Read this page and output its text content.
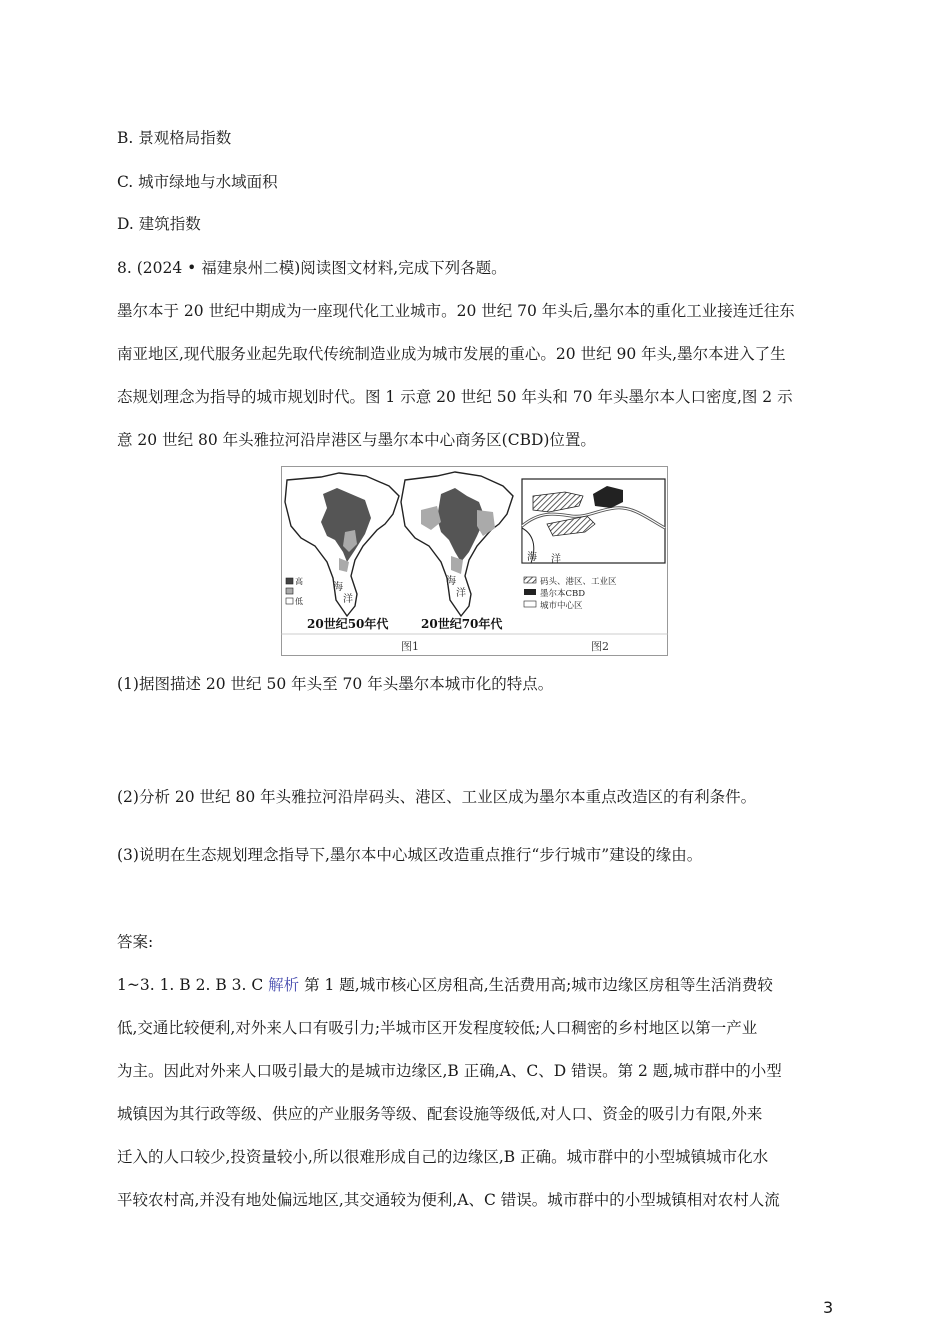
B. 景观格局指数
C. 城市绿地与水域面积
D. 建筑指数
8. (2024 • 福建泉州二模)阅读图文材料,完成下列各题。
墨尔本于 20 世纪中期成为一座现代化工业城市。20 世纪 70 年头后,墨尔本的重化工业接连迁往东
南亚地区,现代服务业起先取代传统制造业成为城市发展的重心。20 世纪 90 年头,墨尔本进入了生
态规划理念为指导的城市规划时代。图 1 示意 20 世纪 50 年头和 70 年头墨尔本人口密度,图 2 示
意 20 世纪 80 年头雅拉河沿岸港区与墨尔本中心商务区(CBD)位置。
海
洋
高
低
20世纪50年代
海
洋
20世纪70年代
图1
海 洋
码头、港区、工业区
墨尔本CBD
城市中心区
图2
(1)据图描述 20 世纪 50 年头至 70 年头墨尔本城市化的特点。
(2)分析 20 世纪 80 年头雅拉河沿岸码头、港区、工业区成为墨尔本重点改造区的有利条件。
(3)说明在生态规划理念指导下,墨尔本中心城区改造重点推行“步行城市”建设的缘由。
答案:
1~3. 1. B 2. B 3. C 解析 第 1 题,城市核心区房租高,生活费用高;城市边缘区房租等生活消费较
低,交通比较便利,对外来人口有吸引力;半城市区开发程度较低;人口稠密的乡村地区以第一产业
为主。因此对外来人口吸引最大的是城市边缘区,B 正确,A、C、D 错误。第 2 题,城市群中的小型
城镇因为其行政等级、供应的产业服务等级、配套设施等级低,对人口、资金的吸引力有限,外来
迁入的人口较少,投资量较小,所以很难形成自己的边缘区,B 正确。城市群中的小型城镇城市化水
平较农村高,并没有地处偏远地区,其交通较为便利,A、C 错误。城市群中的小型城镇相对农村人流
3
